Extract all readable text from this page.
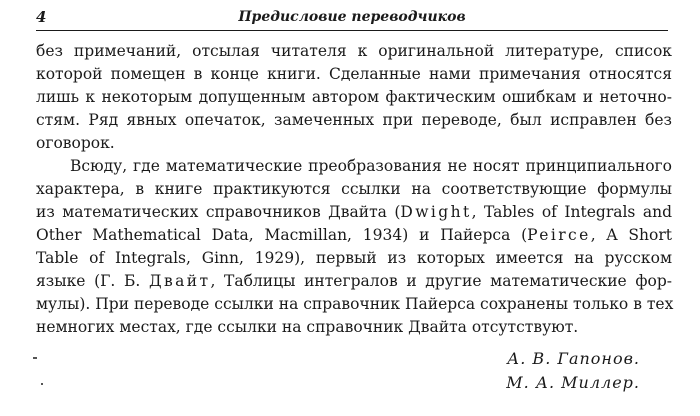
4	Предисловие переводчиков
без примечаний, отсылая читателя к оригинальной литературе, список
которой помещен в конце книги. Сделанные нами примечания относятся
лишь к некоторым допущенным автором фактическим ошибкам и неточно-
стям. Ряд явных опечаток, замеченных при переводе, был исправлен без
оговорок.
Всюду, где математические преобразования не носят принципиального
характера, в книге практикуются ссылки на соответствующие формулы
из математических справочников Двайта (Dwight, Tables of Integrals and
Other Mathematical Data, Macmillan, 1934) и Пайерса (Peirce, A Short
Table of Integrals, Ginn, 1929), первый из которых имеется на русском
языке (Г. Б. Двайт, Таблицы интегралов и другие математические фор-
мулы). При переводе ссылки на справочник Пайерса сохранены только в тех
немногих местах, где ссылки на справочник Двайта отсутствуют.
А. В. Гапонов.
М. А. Миллер.
